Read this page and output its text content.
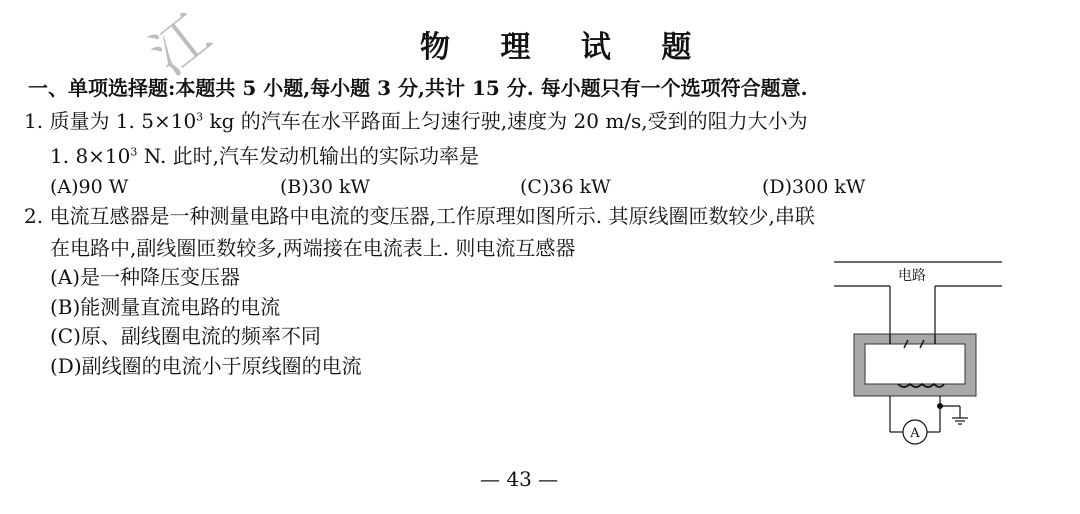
江	物 理 试 题
一、单项选择题:本题共 5 小题,每小题 3 分,共计 15 分. 每小题只有一个选项符合题意.
1. 质量为 1. $5\times 10^3$ kg 的汽车在水平路面上匀速行驶,速度为 20 m/s,受到的阻力大小为
1. $8\times 10^3$ N. 此时,汽车发动机输出的实际功率是
(A)90 W	(B)30 kW	(C)36 kW	(D)300 kW
2. 电流互感器是一种测量电路中电流的变压器,工作原理如图所示. 其原线圈匝数较少,串联
在电路中,副线圈匝数较多,两端接在电流表上. 则电流互感器
(A)是一种降压变压器
(B)能测量直流电路的电流
(C)原、副线圈电流的频率不同
(D)副线圈的电流小于原线圈的电流
电路
A
— 43 —
